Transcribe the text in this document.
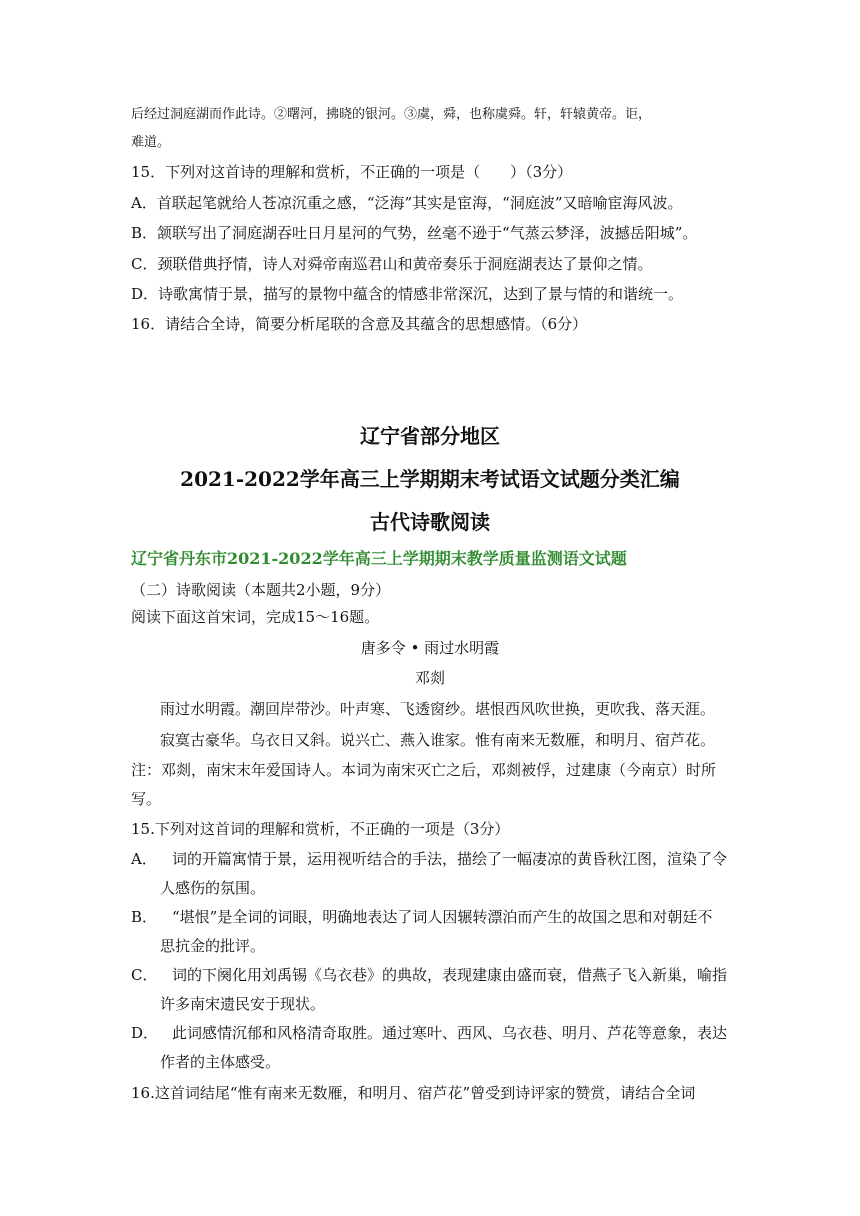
后经过洞庭湖而作此诗。②曙河，拂晓的银河。③虞，舜，也称虞舜。轩，轩辕黄帝。讵，
难道。
15．下列对这首诗的理解和赏析，不正确的一项是（　　）（3分）
A．首联起笔就给人苍凉沉重之感，“泛海”其实是宦海，“洞庭波”又暗喻宦海风波。
B．颔联写出了洞庭湖吞吐日月星河的气势，丝毫不逊于“气蒸云梦泽，波撼岳阳城”。
C．颈联借典抒情，诗人对舜帝南巡君山和黄帝奏乐于洞庭湖表达了景仰之情。
D．诗歌寓情于景，描写的景物中蕴含的情感非常深沉，达到了景与情的和谐统一。
16．请结合全诗，简要分析尾联的含意及其蕴含的思想感情。（6分）
辽宁省部分地区
2021-2022学年高三上学期期末考试语文试题分类汇编
古代诗歌阅读
辽宁省丹东市2021-2022学年高三上学期期末教学质量监测语文试题
（二）诗歌阅读（本题共2小题，9分）
阅读下面这首宋词，完成15～16题。
唐多令 • 雨过水明霞
邓剡
雨过水明霞。潮回岸带沙。叶声寒、飞透窗纱。堪恨西风吹世换，更吹我、落天涯。
寂寞古豪华。乌衣日又斜。说兴亡、燕入谁家。惟有南来无数雁，和明月、宿芦花。
注：邓剡，南宋末年爱国诗人。本词为南宋灭亡之后，邓剡被俘，过建康（今南京）时所
写。
15.下列对这首词的理解和赏析，不正确的一项是（3分）
A． 词的开篇寓情于景，运用视听结合的手法，描绘了一幅凄凉的黄昏秋江图，渲染了令
人感伤的氛围。
B． “堪恨”是全词的词眼，明确地表达了词人因辗转漂泊而产生的故国之思和对朝廷不
思抗金的批评。
C． 词的下阕化用刘禹锡《乌衣巷》的典故，表现建康由盛而衰，借燕子飞入新巢，喻指
许多南宋遗民安于现状。
D． 此词感情沉郁和风格清奇取胜。通过寒叶、西风、乌衣巷、明月、芦花等意象，表达
作者的主体感受。
16.这首词结尾“惟有南来无数雁，和明月、宿芦花”曾受到诗评家的赞赏，请结合全词
